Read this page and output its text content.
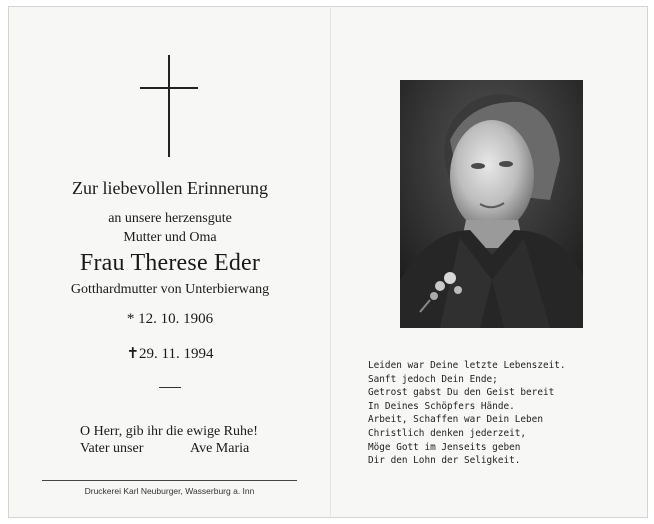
Zur liebevollen Erinnerung
an unsere herzensgute
Mutter und Oma
Frau Therese Eder
Gotthardmutter von Unterbierwang
* 12. 10. 1906
✝29. 11. 1994
O Herr, gib ihr die ewige Ruhe!
Vater unser	Ave Maria
Druckerei Karl Neuburger, Wasserburg a. Inn
Leiden war Deine letzte Lebenszeit.
Sanft jedoch Dein Ende;
Getrost gabst Du den Geist bereit
In Deines Schöpfers Hände.
Arbeit, Schaffen war Dein Leben
Christlich denken jederzeit,
Möge Gott im Jenseits geben
Dir den Lohn der Seligkeit.
